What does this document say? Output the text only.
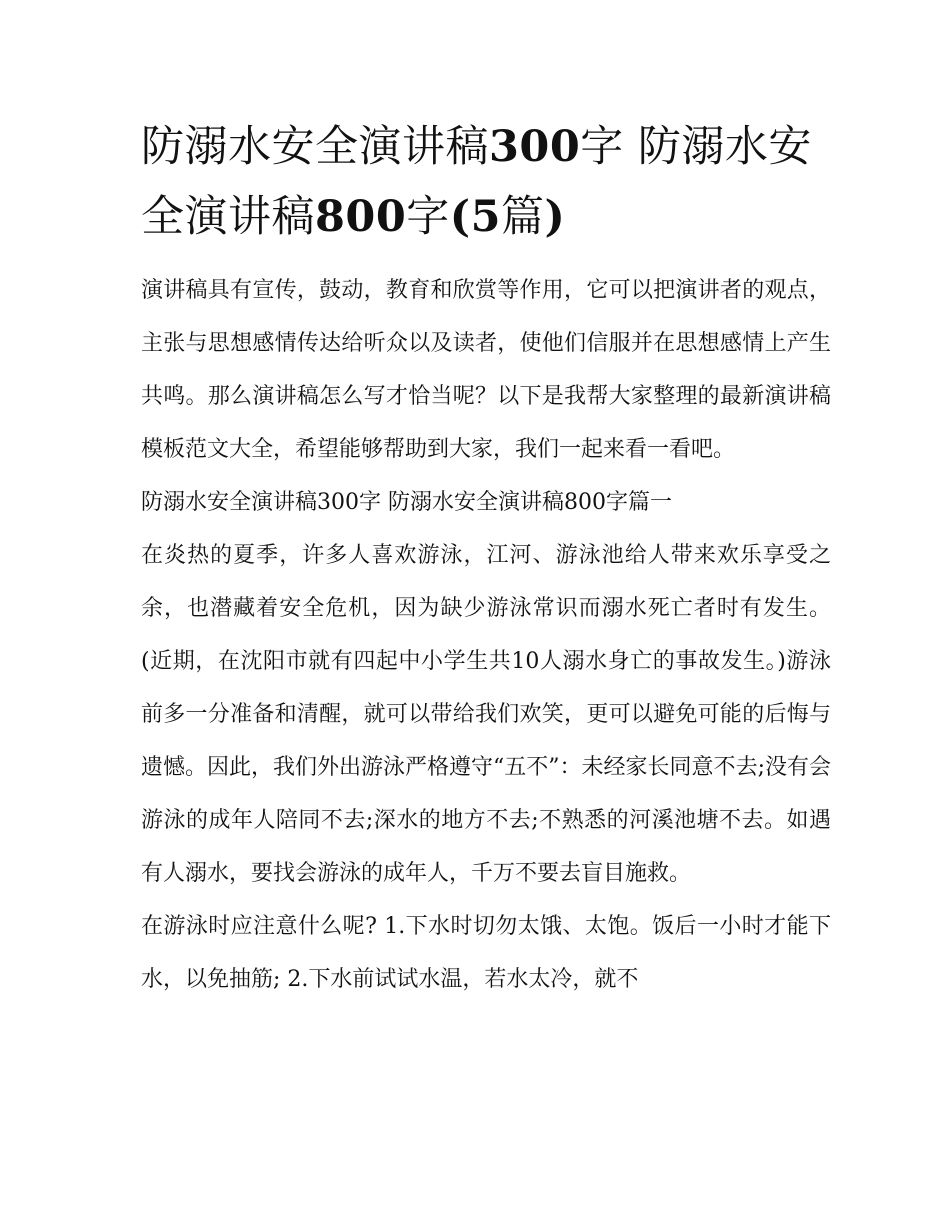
防溺水安全演讲稿300字 防溺水安全演讲稿800字(5篇)

演讲稿具有宣传，鼓动，教育和欣赏等作用，它可以把演讲者的观点，主张与思想感情传达给听众以及读者，使他们信服并在思想感情上产生共鸣。那么演讲稿怎么写才恰当呢？以下是我帮大家整理的最新演讲稿模板范文大全，希望能够帮助到大家，我们一起来看一看吧。

防溺水安全演讲稿300字 防溺水安全演讲稿800字篇一

在炎热的夏季，许多人喜欢游泳，江河、游泳池给人带来欢乐享受之余，也潜藏着安全危机，因为缺少游泳常识而溺水死亡者时有发生。(近期，在沈阳市就有四起中小学生共10人溺水身亡的事故发生。)游泳前多一分准备和清醒，就可以带给我们欢笑，更可以避免可能的后悔与遗憾。因此，我们外出游泳严格遵守“五不”：未经家长同意不去;没有会游泳的成年人陪同不去;深水的地方不去;不熟悉的河溪池塘不去。如遇有人溺水，要找会游泳的成年人，千万不要去盲目施救。

在游泳时应注意什么呢? 1.下水时切勿太饿、太饱。饭后一小时才能下水，以免抽筋; 2.下水前试试水温，若水太冷，就不
